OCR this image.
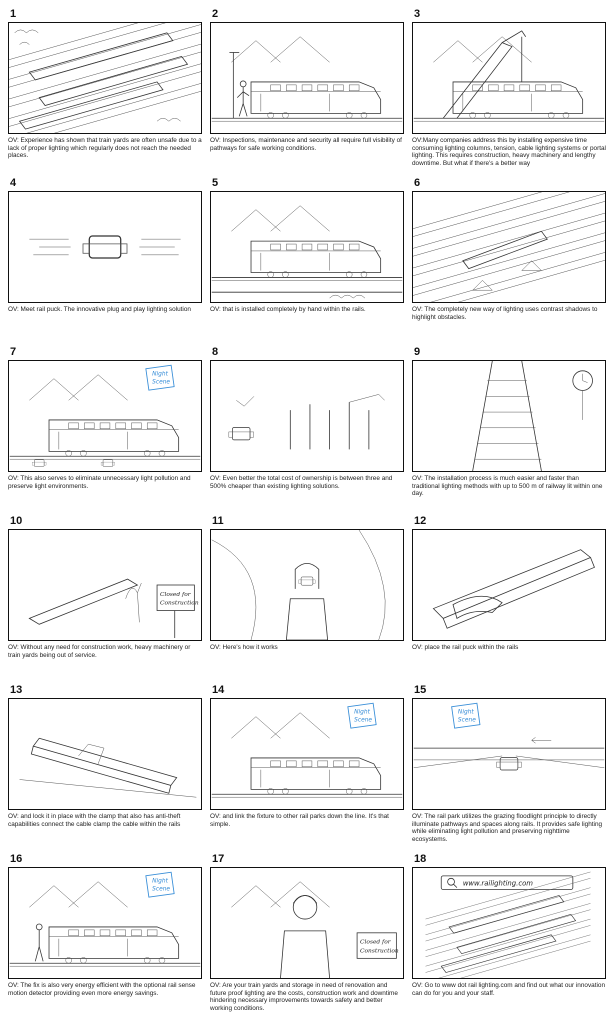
1
OV: Experience has shown that train yards are often unsafe due to a lack of proper lighting which regularly does not reach the needed places.
2
OV: Inspections, maintenance and security all require full visibility of pathways for safe working conditions.
3
OV:Many companies address this by installing expensive time consuming lighting columns, tension, cable lighting systems or portal lighting. This requires construction, heavy machinery and lengthy downtime. But what if there's a better way
4
OV: Meet rail puck. The innovative plug and play lighting solution
5
OV: that is installed completely by hand within the rails.
6
OV: The completely new way of lighting uses contrast shadows to highlight obstacles.
7
Night
Scene
OV: This also serves to eliminate unnecessary light pollution and preserve light environments.
8
OV: Even better the total cost of ownership is between three and 500% cheaper than existing lighting solutions.
9
OV: The installation process is much easier and faster than traditional lighting methods with up to 500 m of railway lit within one day.
10
Closed for
Construction
OV: Without any need for construction work, heavy machinery or train yards being out of service.
11
OV: Here's how it works
12
OV: place the rail puck within the rails
13
OV: and lock it in place with the clamp that also has anti-theft capabilities connect the cable clamp the cable within the rails
14
Night
Scene
OV: and link the fixture to other rail parks down the line. It's that simple.
15
Night
Scene
OV: The rail park utilizes the grazing floodlight principle to directly illuminate pathways and spaces along rails. It provides safe lighting while eliminating light pollution and preserving nighttime ecosystems.
16
Night
Scene
OV: The fix is also very energy efficient with the optional rail sense motion detector providing even more energy savings.
17
Closed for
Construction
OV: Are your train yards and storage in need of renovation and future proof lighting are the costs, construction work and downtime hindering necessary improvements towards safety and better working conditions.
18
www.railighting.com
OV: Go to www dot rail lighting.com and find out what our innovation can do for you and your staff.
